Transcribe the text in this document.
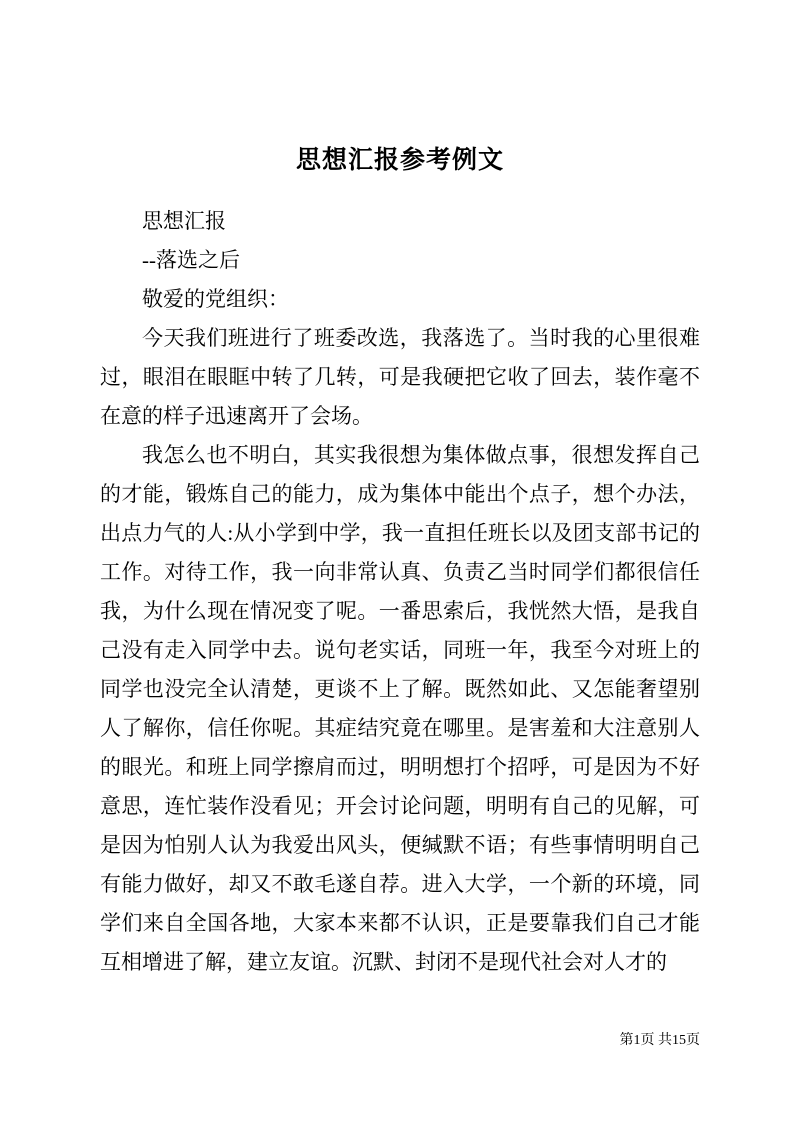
思想汇报参考例文

思想汇报

--落选之后

敬爱的党组织：

今天我们班进行了班委改选，我落选了。当时我的心里很难过，眼泪在眼眶中转了几转，可是我硬把它收了回去，装作毫不在意的样子迅速离开了会场。

我怎么也不明白，其实我很想为集体做点事，很想发挥自己的才能，锻炼自己的能力，成为集体中能出个点子，想个办法，出点力气的人:从小学到中学，我一直担任班长以及团支部书记的工作。对待工作，我一向非常认真、负责乙当时同学们都很信任我，为什么现在情况变了呢。一番思索后，我恍然大悟，是我自己没有走入同学中去。说句老实话，同班一年，我至今对班上的同学也没完全认清楚，更谈不上了解。既然如此、又怎能奢望别人了解你，信任你呢。其症结究竟在哪里。是害羞和大注意别人的眼光。和班上同学擦肩而过，明明想打个招呼，可是因为不好意思，连忙装作没看见；开会讨论问题，明明有自己的见解，可是因为怕别人认为我爱出风头，便缄默不语；有些事情明明自己有能力做好，却又不敢毛遂自荐。进入大学，一个新的环境，同学们来自全国各地，大家本来都不认识，正是要靠我们自己才能互相增进了解，建立友谊。沉默、封闭不是现代社会对人才的

第1页 共15页
